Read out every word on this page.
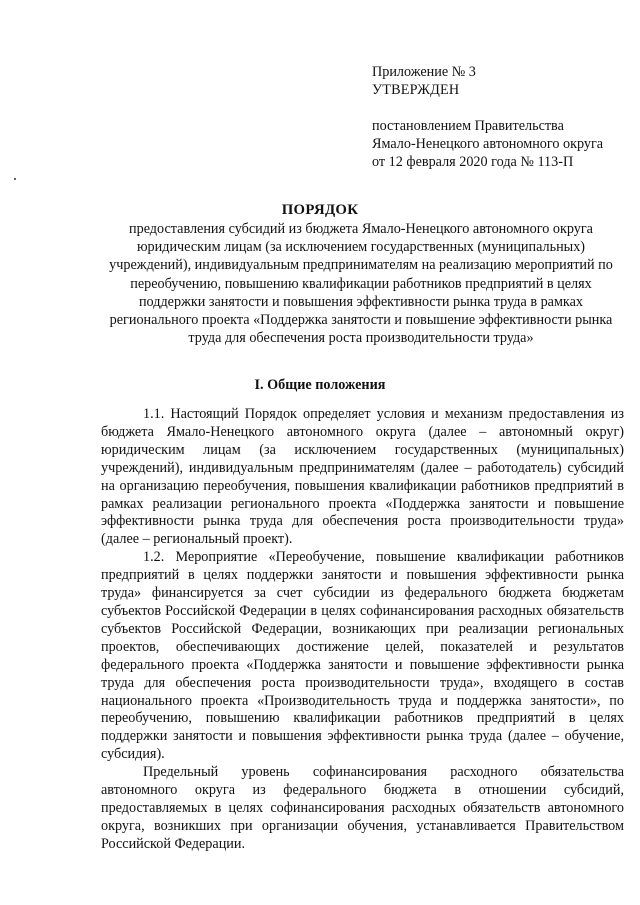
Приложение № 3
УТВЕРЖДЕН
постановлением Правительства
Ямало-Ненецкого автономного округа
от 12 февраля 2020 года № 113-П
ПОРЯДОК
предоставления субсидий из бюджета Ямало-Ненецкого автономного округа юридическим лицам (за исключением государственных (муниципальных) учреждений), индивидуальным предпринимателям на реализацию мероприятий по переобучению, повышению квалификации работников предприятий в целях поддержки занятости и повышения эффективности рынка труда в рамках регионального проекта «Поддержка занятости и повышение эффективности рынка труда для обеспечения роста производительности труда»
I. Общие положения

1.1. Настоящий Порядок определяет условия и механизм предоставления из бюджета Ямало-Ненецкого автономного округа (далее – автономный округ) юридическим лицам (за исключением государственных (муниципальных) учреждений), индивидуальным предпринимателям (далее – работодатель) субсидий на организацию переобучения, повышения квалификации работников предприятий в рамках реализации регионального проекта «Поддержка занятости и повышение эффективности рынка труда для обеспечения роста производительности труда» (далее – региональный проект).

1.2. Мероприятие «Переобучение, повышение квалификации работников предприятий в целях поддержки занятости и повышения эффективности рынка труда» финансируется за счет субсидии из федерального бюджета бюджетам субъектов Российской Федерации в целях софинансирования расходных обязательств субъектов Российской Федерации, возникающих при реализации региональных проектов, обеспечивающих достижение целей, показателей и результатов федерального проекта «Поддержка занятости и повышение эффективности рынка труда для обеспечения роста производительности труда», входящего в состав национального проекта «Производительность труда и поддержка занятости», по переобучению, повышению квалификации работников предприятий в целях поддержки занятости и повышения эффективности рынка труда (далее – обучение, субсидия).

Предельный уровень софинансирования расходного обязательства автономного округа из федерального бюджета в отношении субсидий, предоставляемых в целях софинансирования расходных обязательств автономного округа, возникших при организации обучения, устанавливается Правительством Российской Федерации.
